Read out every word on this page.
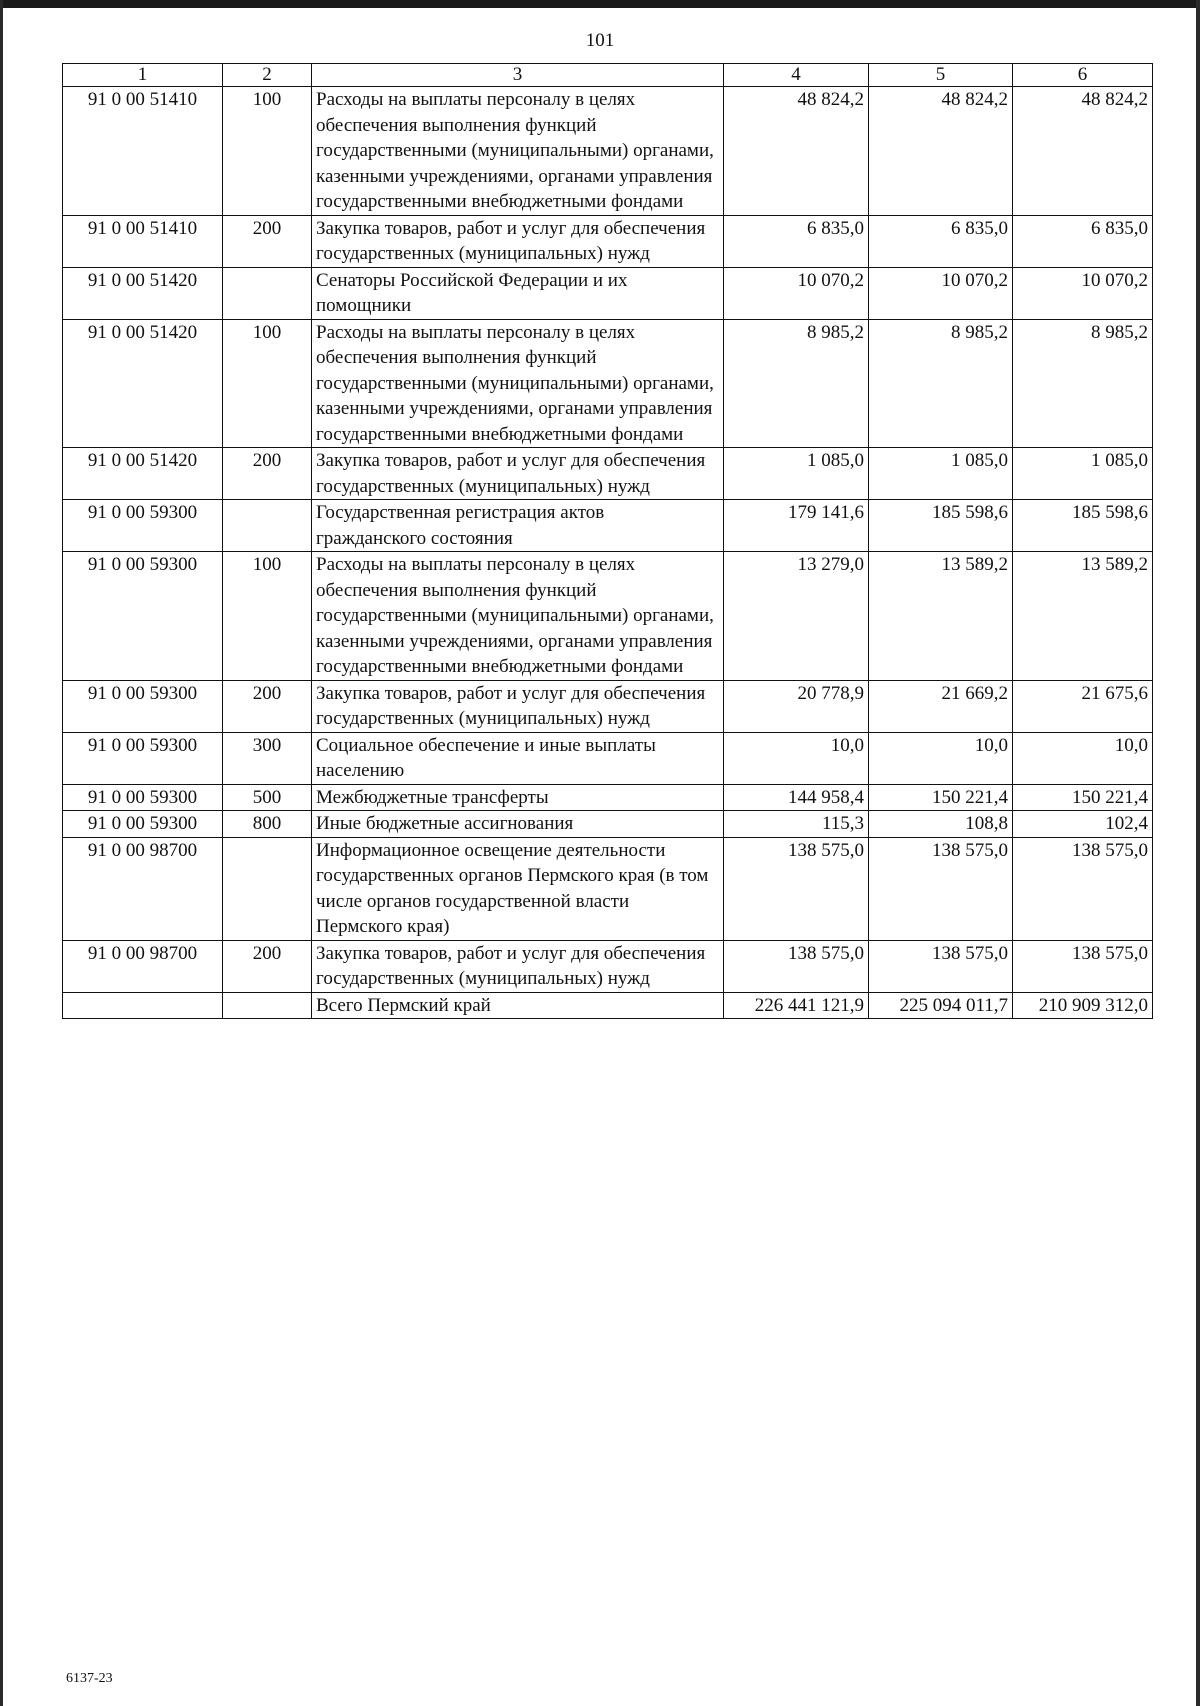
101
1	2	3	4	5	6
91 0 00 51410	100	Расходы на выплаты персоналу в целях обеспечения выполнения функций государственными (муниципальными) органами, казенными учреждениями, органами управления государственными внебюджетными фондами	48 824,2	48 824,2	48 824,2
91 0 00 51410	200	Закупка товаров, работ и услуг для обеспечения государственных (муниципальных) нужд	6 835,0	6 835,0	6 835,0
91 0 00 51420		Сенаторы Российской Федерации и их помощники	10 070,2	10 070,2	10 070,2
91 0 00 51420	100	Расходы на выплаты персоналу в целях обеспечения выполнения функций государственными (муниципальными) органами, казенными учреждениями, органами управления государственными внебюджетными фондами	8 985,2	8 985,2	8 985,2
91 0 00 51420	200	Закупка товаров, работ и услуг для обеспечения государственных (муниципальных) нужд	1 085,0	1 085,0	1 085,0
91 0 00 59300		Государственная регистрация актов гражданского состояния	179 141,6	185 598,6	185 598,6
91 0 00 59300	100	Расходы на выплаты персоналу в целях обеспечения выполнения функций государственными (муниципальными) органами, казенными учреждениями, органами управления государственными внебюджетными фондами	13 279,0	13 589,2	13 589,2
91 0 00 59300	200	Закупка товаров, работ и услуг для обеспечения государственных (муниципальных) нужд	20 778,9	21 669,2	21 675,6
91 0 00 59300	300	Социальное обеспечение и иные выплаты населению	10,0	10,0	10,0
91 0 00 59300	500	Межбюджетные трансферты	144 958,4	150 221,4	150 221,4
91 0 00 59300	800	Иные бюджетные ассигнования	115,3	108,8	102,4
91 0 00 98700		Информационное освещение деятельности государственных органов Пермского края (в том числе органов государственной власти Пермского края)	138 575,0	138 575,0	138 575,0
91 0 00 98700	200	Закупка товаров, работ и услуг для обеспечения государственных (муниципальных) нужд	138 575,0	138 575,0	138 575,0
		Всего Пермский край	226 441 121,9	225 094 011,7	210 909 312,0
6137-23
